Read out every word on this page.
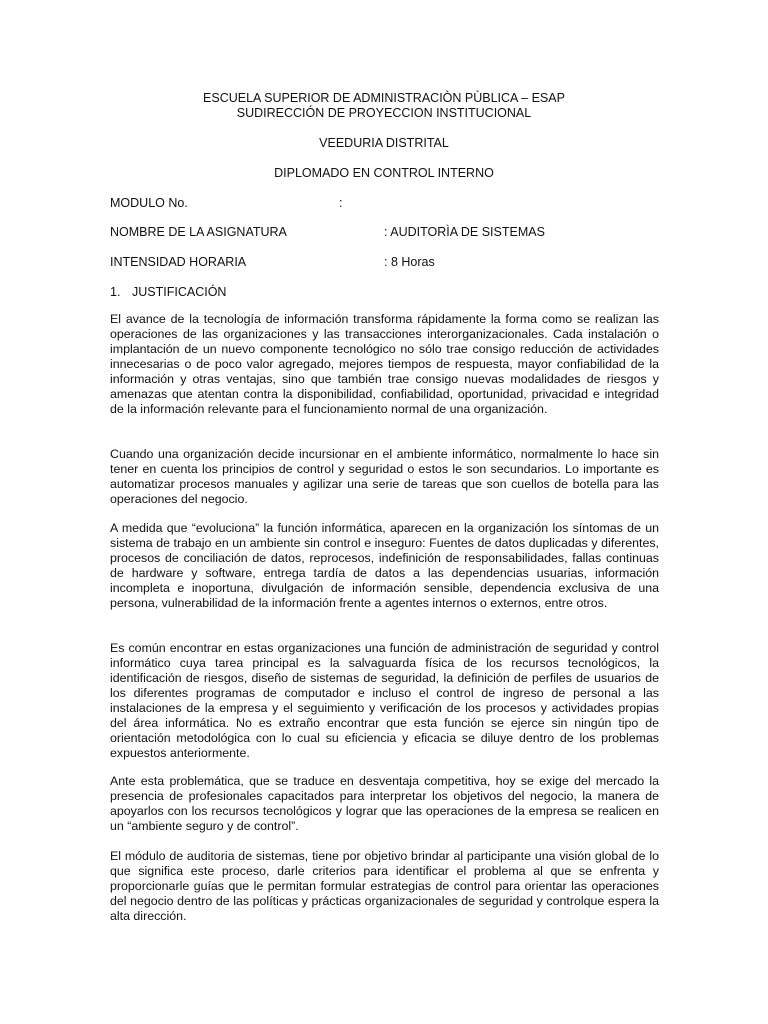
ESCUELA SUPERIOR DE ADMINISTRACIÒN PÙBLICA – ESAP
SUDIRECCIÓN DE PROYECCION INSTITUCIONAL
VEEDURIA DISTRITAL
DIPLOMADO EN CONTROL INTERNO
MODULO No.	:
NOMBRE DE LA ASIGNATURA	: AUDITORÌA DE SISTEMAS
INTENSIDAD HORARIA	: 8 Horas
1. JUSTIFICACIÓN

El avance de la tecnología de información transforma rápidamente la forma como se realizan las operaciones de las organizaciones y las transacciones interorganizacionales. Cada instalación o implantación de un nuevo componente tecnológico no sólo trae consigo reducción de actividades innecesarias o de poco valor agregado, mejores tiempos de respuesta, mayor confiabilidad de la información y otras ventajas, sino que también trae consigo nuevas modalidades de riesgos y amenazas que atentan contra la disponibilidad, confiabilidad, oportunidad, privacidad e integridad de la información relevante para el funcionamiento normal de una organización.

Cuando una organización decide incursionar en el ambiente informático, normalmente lo hace sin tener en cuenta los principios de control y seguridad o estos le son secundarios. Lo importante es automatizar procesos manuales y agilizar una serie de tareas que son cuellos de botella para las operaciones del negocio.

A medida que “evoluciona” la función informática, aparecen en la organización los síntomas de un sistema de trabajo en un ambiente sin control e inseguro: Fuentes de datos duplicadas y diferentes, procesos de conciliación de datos, reprocesos, indefinición de responsabilidades, fallas continuas de hardware y software, entrega tardía de datos a las dependencias usuarias, información incompleta e inoportuna, divulgación de información sensible, dependencia exclusiva de una persona, vulnerabilidad de la información frente a agentes internos o externos, entre otros.

Es común encontrar en estas organizaciones una función de administración de seguridad y control informático cuya tarea principal es la salvaguarda física de los recursos tecnológicos, la identificación de riesgos, diseño de sistemas de seguridad, la definición de perfiles de usuarios de los diferentes programas de computador e incluso el control de ingreso de personal a las instalaciones de la empresa y el seguimiento y verificación de los procesos y actividades propias del área informática. No es extraño encontrar que esta función se ejerce sin ningún tipo de orientación metodológica con lo cual su eficiencia y eficacia se diluye dentro de los problemas expuestos anteriormente.

Ante esta problemática, que se traduce en desventaja competitiva, hoy se exige del mercado la presencia de profesionales capacitados para interpretar los objetivos del negocio, la manera de apoyarlos con los recursos tecnológicos y lograr que las operaciones de la empresa se realicen en un “ambiente seguro y de control”.

El módulo de auditoria de sistemas, tiene por objetivo brindar al participante una visión global de lo que significa este proceso, darle criterios para identificar el problema al que se enfrenta y proporcionarle guías que le permitan formular estrategias de control para orientar las operaciones del negocio dentro de las políticas y prácticas organizacionales de seguridad y controlque espera la alta dirección.
